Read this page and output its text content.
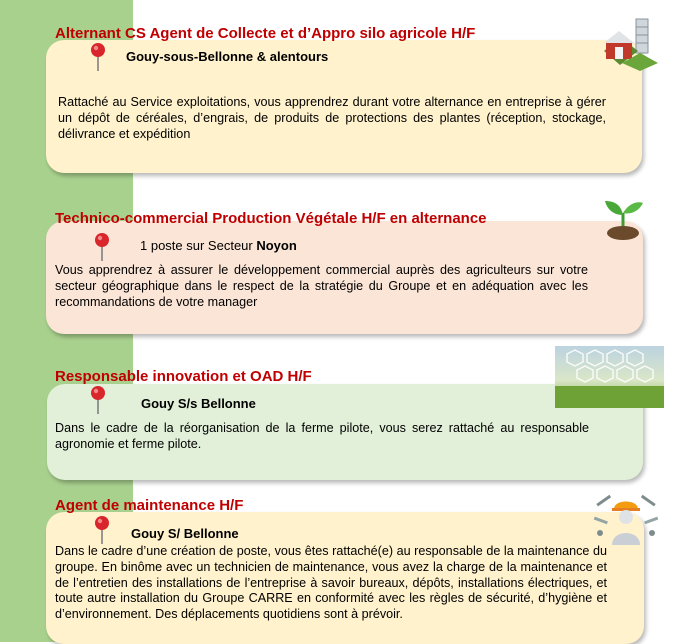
Alternant CS Agent de Collecte et d’Appro silo agricole H/F
Gouy-sous-Bellonne & alentours
Rattaché au Service exploitations, vous apprendrez durant votre alternance en entreprise à gérer un dépôt de céréales, d’engrais, de produits de protections des plantes (réception, stockage, délivrance et expédition
Technico-commercial Production Végétale H/F en alternance
1 poste sur Secteur Noyon
Vous apprendrez à assurer le développement commercial auprès des agriculteurs sur votre secteur géographique dans le respect de la stratégie du Groupe et en adéquation avec les recommandations de votre manager
Responsable innovation et OAD H/F
Gouy S/s Bellonne
Dans le cadre de la réorganisation de la ferme pilote, vous serez rattaché au responsable agronomie et ferme pilote.
Agent de maintenance H/F
Gouy S/ Bellonne
Dans le cadre d’une création de poste, vous êtes rattaché(e) au responsable de la maintenance du groupe. En binôme avec un technicien de maintenance, vous avez la charge de la maintenance et de l’entretien des installations de l’entreprise à savoir bureaux, dépôts, installations électriques, et toute autre installation du Groupe CARRE en conformité avec les règles de sécurité, d’hygiène et d’environnement. Des déplacements quotidiens sont à prévoir.
